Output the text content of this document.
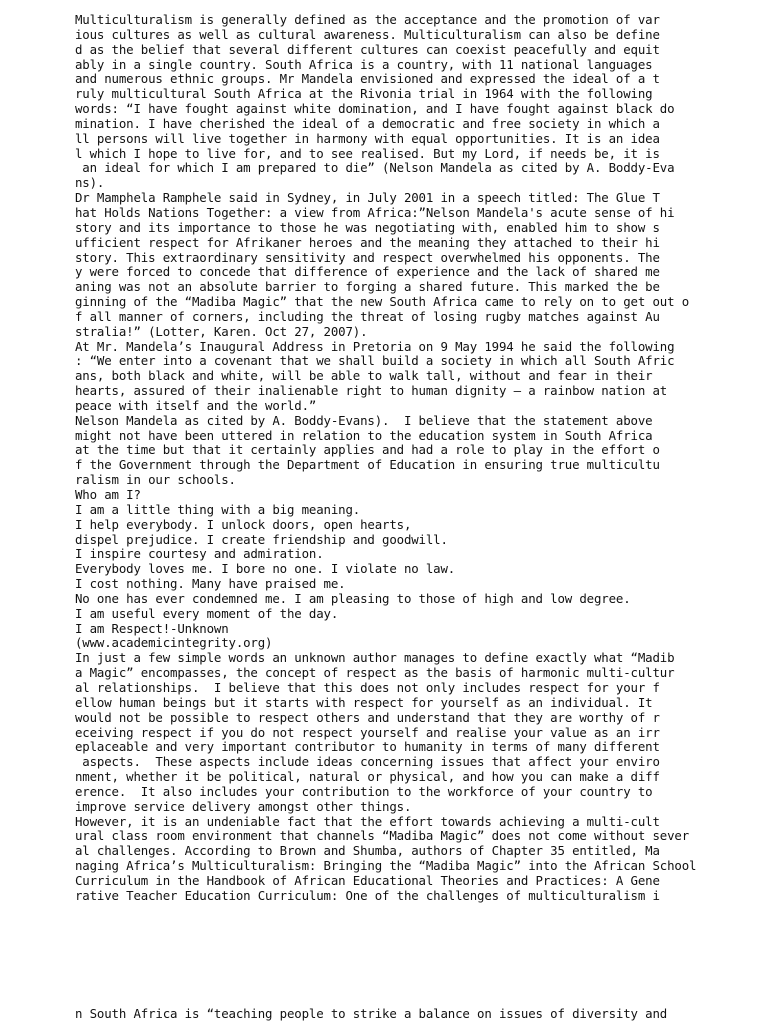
Multiculturalism is generally defined as the acceptance and the promotion of var
ious cultures as well as cultural awareness. Multiculturalism can also be define
d as the belief that several different cultures can coexist peacefully and equit
ably in a single country. South Africa is a country, with 11 national languages
and numerous ethnic groups. Mr Mandela envisioned and expressed the ideal of a t
ruly multicultural South Africa at the Rivonia trial in 1964 with the following
words: “I have fought against white domination, and I have fought against black do
mination. I have cherished the ideal of a democratic and free society in which a
ll persons will live together in harmony with equal opportunities. It is an idea
l which I hope to live for, and to see realised. But my Lord, if needs be, it is
an ideal for which I am prepared to die” (Nelson Mandela as cited by A. Boddy-Eva
ns).
Dr Mamphela Ramphele said in Sydney, in July 2001 in a speech titled: The Glue T
hat Holds Nations Together: a view from Africa:”Nelson Mandela's acute sense of hi
story and its importance to those he was negotiating with, enabled him to show s
ufficient respect for Afrikaner heroes and the meaning they attached to their hi
story. This extraordinary sensitivity and respect overwhelmed his opponents. The
y were forced to concede that difference of experience and the lack of shared me
aning was not an absolute barrier to forging a shared future. This marked the be
ginning of the “Madiba Magic” that the new South Africa came to rely on to get out o
f all manner of corners, including the threat of losing rugby matches against Au
stralia!” (Lotter, Karen. Oct 27, 2007).
At Mr. Mandela’s Inaugural Address in Pretoria on 9 May 1994 he said the following
: “We enter into a covenant that we shall build a society in which all South Afric
ans, both black and white, will be able to walk tall, without and fear in their
hearts, assured of their inalienable right to human dignity – a rainbow nation at
peace with itself and the world.”
Nelson Mandela as cited by A. Boddy-Evans).  I believe that the statement above
might not have been uttered in relation to the education system in South Africa
at the time but that it certainly applies and had a role to play in the effort o
f the Government through the Department of Education in ensuring true multicultu
ralism in our schools.
Who am I?
I am a little thing with a big meaning.
I help everybody. I unlock doors, open hearts,
dispel prejudice. I create friendship and goodwill.
I inspire courtesy and admiration.
Everybody loves me. I bore no one. I violate no law.
I cost nothing. Many have praised me.
No one has ever condemned me. I am pleasing to those of high and low degree.
I am useful every moment of the day.
I am Respect!-Unknown
(www.academicintegrity.org)
In just a few simple words an unknown author manages to define exactly what “Madib
a Magic” encompasses, the concept of respect as the basis of harmonic multi-cultur
al relationships.  I believe that this does not only includes respect for your f
ellow human beings but it starts with respect for yourself as an individual. It
would not be possible to respect others and understand that they are worthy of r
eceiving respect if you do not respect yourself and realise your value as an irr
eplaceable and very important contributor to humanity in terms of many different
aspects.  These aspects include ideas concerning issues that affect your enviro
nment, whether it be political, natural or physical, and how you can make a diff
erence.  It also includes your contribution to the workforce of your country to
improve service delivery amongst other things.
However, it is an undeniable fact that the effort towards achieving a multi-cult
ural class room environment that channels “Madiba Magic” does not come without sever
al challenges. According to Brown and Shumba, authors of Chapter 35 entitled, Ma
naging Africa’s Multiculturalism: Bringing the “Madiba Magic” into the African School
Curriculum in the Handbook of African Educational Theories and Practices: A Gene
rative Teacher Education Curriculum: One of the challenges of multiculturalism i
n South Africa is “teaching people to strike a balance on issues of diversity and
